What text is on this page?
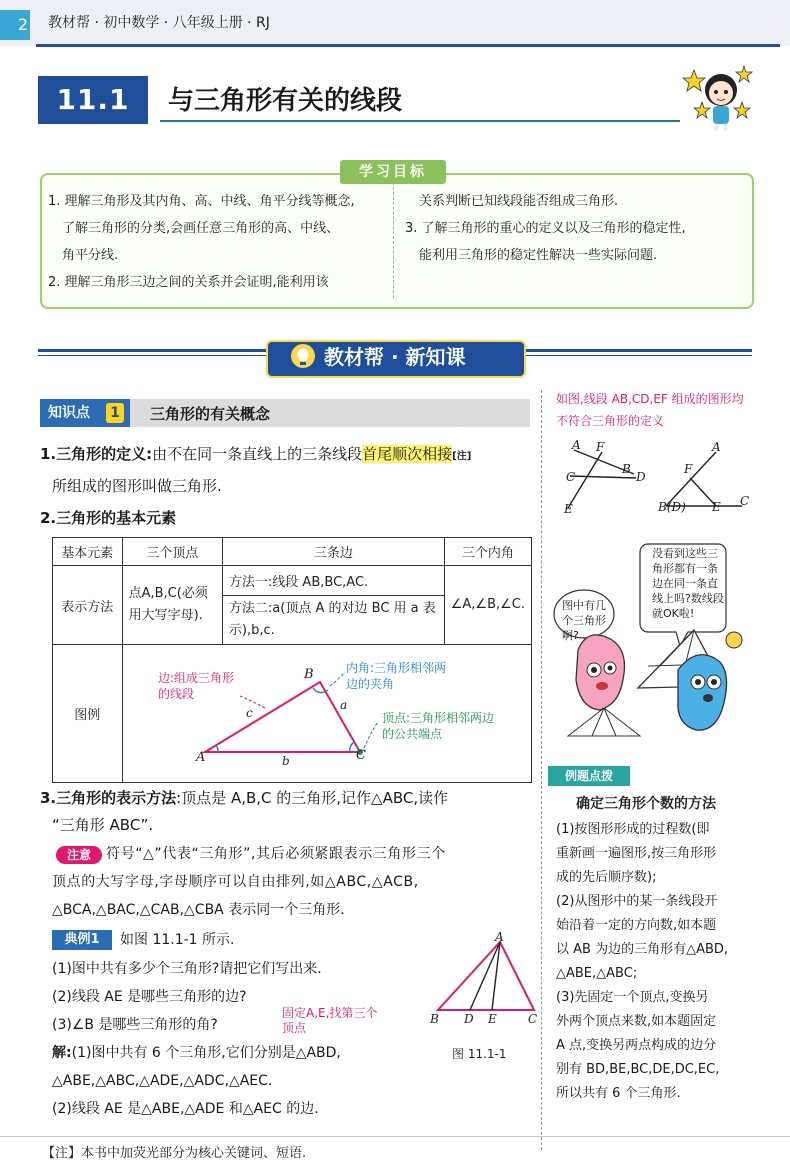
2 教材帮 · 初中数学 · 八年级上册 · RJ
11.1	与三角形有关的线段
学习目标
1. 理解三角形及其内角、高、中线、角平分线等概念,
了解三角形的分类,会画任意三角形的高、中线、
角平分线.
2. 理解三角形三边之间的关系并会证明,能利用该
关系判断已知线段能否组成三角形.
3. 了解三角形的重心的定义以及三角形的稳定性,
能利用三角形的稳定性解决一些实际问题.
教材帮 · 新知课
知识点	1 三角形的有关概念
1.三角形的定义:由不在同一条直线上的三条线段首尾顺次相接[注]
所组成的图形叫做三角形.
2.三角形的基本元素
基本元素	三个顶点	三条边	三个内角
表示方法	点A,B,C(必须用大写字母).	方法一:线段 AB,BC,AC.	∠A,∠B,∠C.
		方法二:a(顶点 A 的对边 BC 用 a 表示),b,c.	
图例			
A
B
C
a
b
c
边:组成三角形的线段
内角:三角形相邻两边的夹角
顶点:三角形相邻两边的公共端点
3.三角形的表示方法:顶点是 A,B,C 的三角形,记作△ABC,读作
“三角形 ABC”.
注意	符号“△”代表“三角形”,其后必须紧跟表示三角形三个
顶点的大写字母,字母顺序可以自由排列,如△ABC,△ACB,
△BCA,△BAC,△CAB,△CBA 表示同一个三角形.
典例1	如图 11.1-1 所示.
(1)图中共有多少个三角形?请把它们写出来.
(2)线段 AE 是哪些三角形的边?
(3)∠B 是哪些三角形的角?
固定A,E,找第三个顶点
解:(1)图中共有 6 个三角形,它们分别是△ABD,
△ABE,△ABC,△ADE,△ADC,△AEC.
(2)线段 AE 是△ABE,△ADE 和△AEC 的边.
A
B D E	C
图 11.1-1
如图,线段 AB,CD,EF 组成的图形均不符合三角形的定义
A F
B
C	D
E
F
A
B(D) E C
没看到这些三角形都有一条边在同一条直线上吗?数线段就OK啦!
图中有几个三角形啊?
例题点拨
确定三角形个数的方法
(1)按图形形成的过程数(即
重新画一遍图形,按三角形形
成的先后顺序数);
(2)从图形中的某一条线段开
始沿着一定的方向数,如本题
以 AB 为边的三角形有△ABD,
△ABE,△ABC;
(3)先固定一个顶点,变换另
外两个顶点来数,如本题固定
A 点,变换另两点构成的边分
别有 BD,BE,BC,DE,DC,EC,
所以共有 6 个三角形.
【注】本书中加荧光部分为核心关键词、短语.
